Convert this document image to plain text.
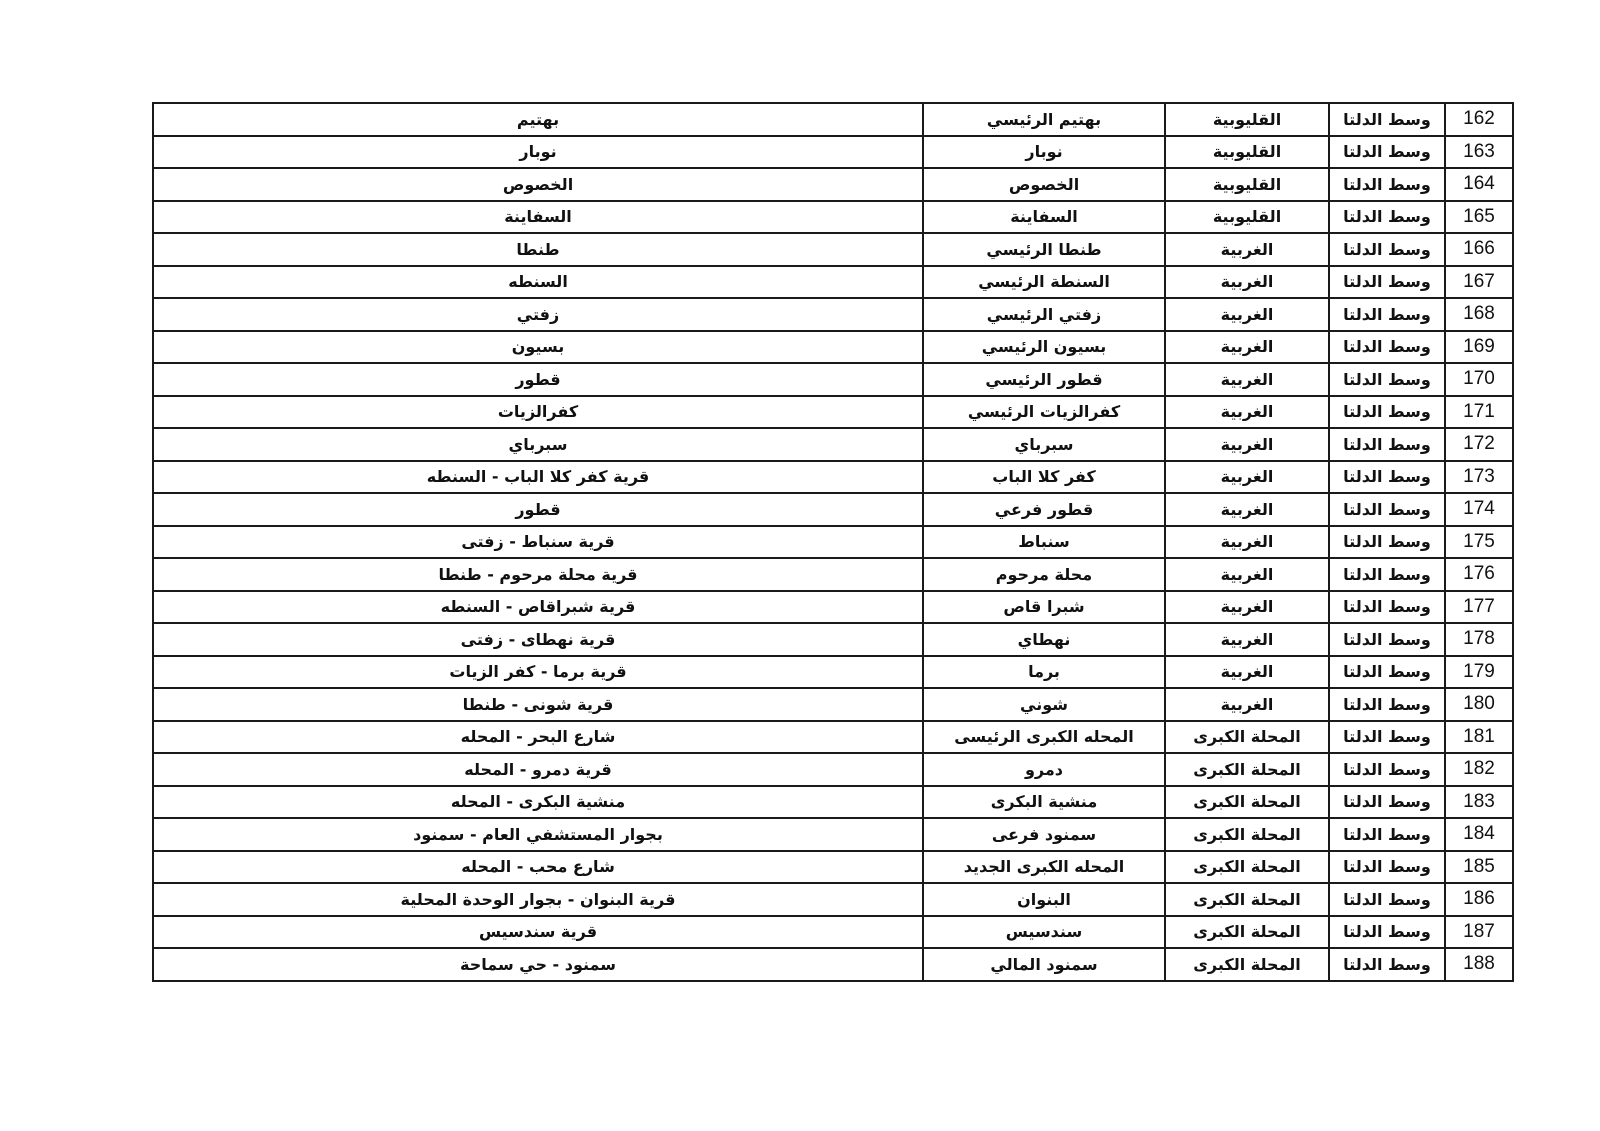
بهتيم	بهتيم الرئيسي	القليوبية	وسط الدلتا	162
نوبار	نوبار	القليوبية	وسط الدلتا	163
الخصوص	الخصوص	القليوبية	وسط الدلتا	164
السفاينة	السفاينة	القليوبية	وسط الدلتا	165
طنطا	طنطا الرئيسي	الغربية	وسط الدلتا	166
السنطه	السنطة الرئيسي	الغربية	وسط الدلتا	167
زفتي	زفتي الرئيسي	الغربية	وسط الدلتا	168
بسيون	بسيون الرئيسي	الغربية	وسط الدلتا	169
قطور	قطور الرئيسي	الغربية	وسط الدلتا	170
كفرالزيات	كفرالزيات الرئيسي	الغربية	وسط الدلتا	171
سبرباي	سبرباي	الغربية	وسط الدلتا	172
قرية كفر كلا الباب - السنطه	كفر كلا الباب	الغربية	وسط الدلتا	173
قطور	قطور فرعي	الغربية	وسط الدلتا	174
قرية سنباط - زفتى	سنباط	الغربية	وسط الدلتا	175
قرية محلة مرحوم - طنطا	محلة مرحوم	الغربية	وسط الدلتا	176
قرية شبراقاص - السنطه	شبرا قاص	الغربية	وسط الدلتا	177
قرية نهطاى - زفتى	نهطاي	الغربية	وسط الدلتا	178
قرية برما - كفر الزيات	برما	الغربية	وسط الدلتا	179
قرية شونى - طنطا	شوني	الغربية	وسط الدلتا	180
شارع البحر - المحله	المحله الكبرى الرئيسى	المحلة الكبرى	وسط الدلتا	181
قرية دمرو - المحله	دمرو	المحلة الكبرى	وسط الدلتا	182
منشية البكرى - المحله	منشية البكرى	المحلة الكبرى	وسط الدلتا	183
بجوار المستشفي العام - سمنود	سمنود فرعى	المحلة الكبرى	وسط الدلتا	184
شارع محب - المحله	المحله الكبرى الجديد	المحلة الكبرى	وسط الدلتا	185
قرية البنوان - بجوار الوحدة المحلية	البنوان	المحلة الكبرى	وسط الدلتا	186
قرية سندسيس	سندسيس	المحلة الكبرى	وسط الدلتا	187
سمنود - حي سماحة	سمنود المالي	المحلة الكبرى	وسط الدلتا	188
